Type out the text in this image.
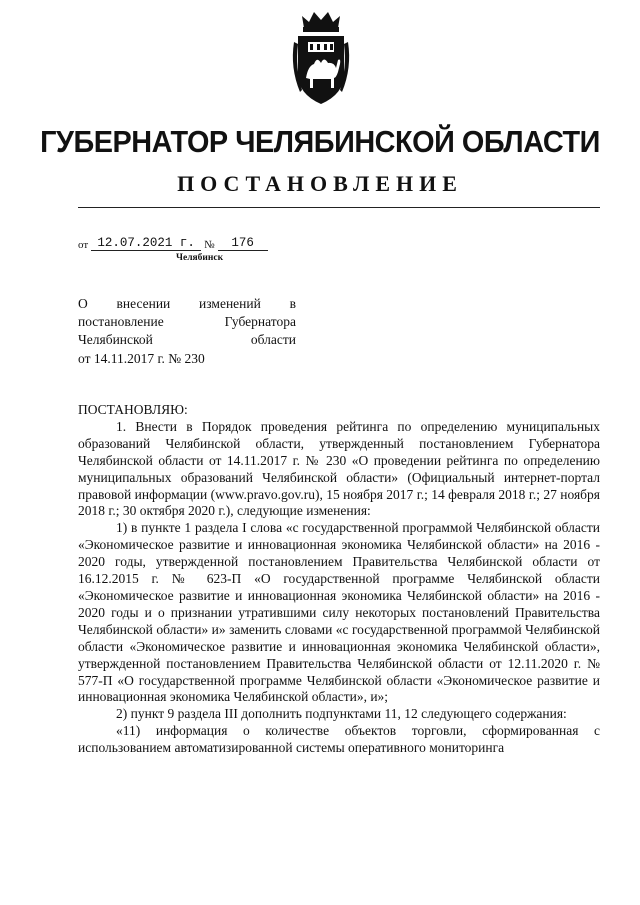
ГУБЕРНАТОР ЧЕЛЯБИНСКОЙ ОБЛАСТИ
ПОСТАНОВЛЕНИЕ
от 12.07.2021 г. №	176
Челябинск
О внесении изменений в
постановление Губернатора
Челябинской области
от 14.11.2017 г. № 230

ПОСТАНОВЛЯЮ:

1. Внести в Порядок проведения рейтинга по определению муниципальных образований Челябинской области, утвержденный постановлением Губернатора Челябинской области от 14.11.2017 г. № 230 «О проведении рейтинга по определению муниципальных образований Челябинской области» (Официальный интернет-портал правовой информации (www.pravo.gov.ru), 15 ноября 2017 г.; 14 февраля 2018 г.; 27 ноября 2018 г.; 30 октября 2020 г.), следующие изменения:

1) в пункте 1 раздела I слова «с государственной программой Челябинской области «Экономическое развитие и инновационная экономика Челябинской области» на 2016 - 2020 годы, утвержденной постановлением Правительства Челябинской области от 16.12.2015 г. № 623-П «О государственной программе Челябинской области «Экономическое развитие и инновационная экономика Челябинской области» на 2016 - 2020 годы и о признании утратившими силу некоторых постановлений Правительства Челябинской области» и» заменить словами «с государственной программой Челябинской области «Экономическое развитие и инновационная экономика Челябинской области», утвержденной постановлением Правительства Челябинской области от 12.11.2020 г. № 577-П «О государственной программе Челябинской области «Экономическое развитие и инновационная экономика Челябинской области», и»;

2) пункт 9 раздела III дополнить подпунктами 11, 12 следующего содержания:

«11) информация о количестве объектов торговли, сформированная с использованием автоматизированной системы оперативного мониторинга
